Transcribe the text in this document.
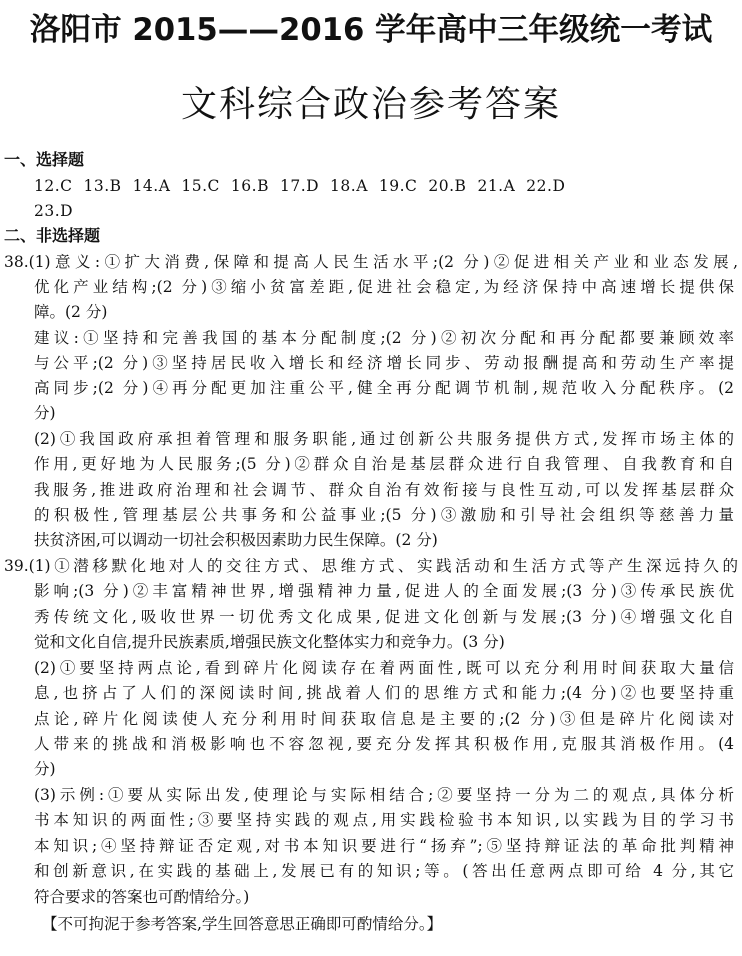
洛阳市 2015——2016 学年高中三年级统一考试
文科综合政治参考答案
一、选择题
12.C 13.B 14.A 15.C 16.B 17.D 18.A 19.C 20.B 21.A 22.D
23.D
二、非选择题
38.(1)意义:①扩大消费,保障和提高人民生活水平;(2 分)②促进相关产业和业态发展,
优化产业结构;(2 分)③缩小贫富差距,促进社会稳定,为经济保持中高速增长提供保
障。(2 分)
建议:①坚持和完善我国的基本分配制度;(2 分)②初次分配和再分配都要兼顾效率
与公平;(2 分)③坚持居民收入增长和经济增长同步、劳动报酬提高和劳动生产率提
高同步;(2 分)④再分配更加注重公平,健全再分配调节机制,规范收入分配秩序。(2
分)
(2)①我国政府承担着管理和服务职能,通过创新公共服务提供方式,发挥市场主体的
作用,更好地为人民服务;(5 分)②群众自治是基层群众进行自我管理、自我教育和自
我服务,推进政府治理和社会调节、群众自治有效衔接与良性互动,可以发挥基层群众
的积极性,管理基层公共事务和公益事业;(5 分)③激励和引导社会组织等慈善力量
扶贫济困,可以调动一切社会积极因素助力民生保障。(2 分)
39.(1)①潜移默化地对人的交往方式、思维方式、实践活动和生活方式等产生深远持久的
影响;(3 分)②丰富精神世界,增强精神力量,促进人的全面发展;(3 分)③传承民族优
秀传统文化,吸收世界一切优秀文化成果,促进文化创新与发展;(3 分)④增强文化自
觉和文化自信,提升民族素质,增强民族文化整体实力和竞争力。(3 分)
(2)①要坚持两点论,看到碎片化阅读存在着两面性,既可以充分利用时间获取大量信
息,也挤占了人们的深阅读时间,挑战着人们的思维方式和能力;(4 分)②也要坚持重
点论,碎片化阅读使人充分利用时间获取信息是主要的;(2 分)③但是碎片化阅读对
人带来的挑战和消极影响也不容忽视,要充分发挥其积极作用,克服其消极作用。(4
分)
(3)示例:①要从实际出发,使理论与实际相结合;②要坚持一分为二的观点,具体分析
书本知识的两面性;③要坚持实践的观点,用实践检验书本知识,以实践为目的学习书
本知识;④坚持辩证否定观,对书本知识要进行“扬弃”;⑤坚持辩证法的革命批判精神
和创新意识,在实践的基础上,发展已有的知识;等。(答出任意两点即可给 4 分,其它
符合要求的答案也可酌情给分。)
【不可拘泥于参考答案,学生回答意思正确即可酌情给分。】
